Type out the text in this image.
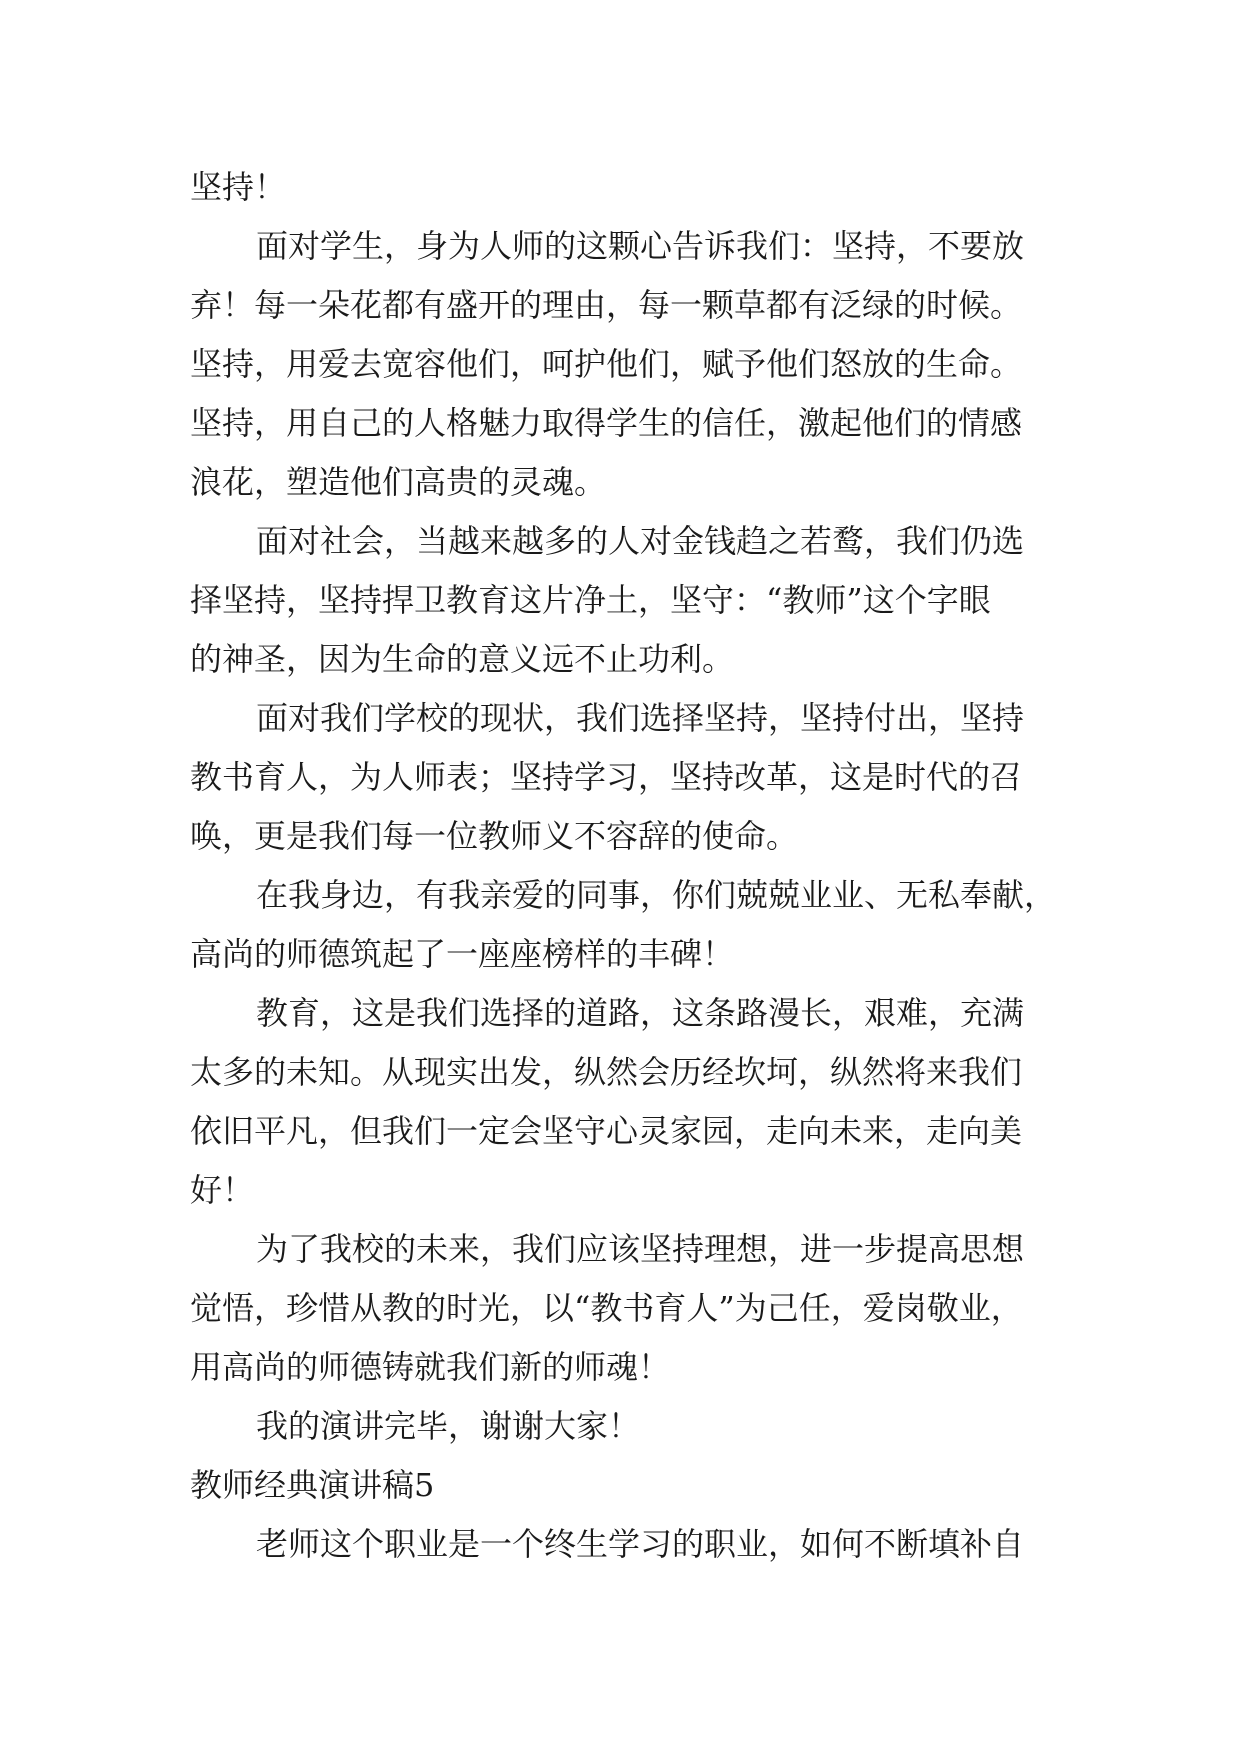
坚持！
面对学生，身为人师的这颗心告诉我们：坚持，不要放
弃！每一朵花都有盛开的理由，每一颗草都有泛绿的时候。
坚持，用爱去宽容他们，呵护他们，赋予他们怒放的生命。
坚持，用自己的人格魅力取得学生的信任，激起他们的情感
浪花，塑造他们高贵的灵魂。
面对社会，当越来越多的人对金钱趋之若鹜，我们仍选
择坚持，坚持捍卫教育这片净土，坚守：“教师”这个字眼
的神圣，因为生命的意义远不止功利。
面对我们学校的现状，我们选择坚持，坚持付出，坚持
教书育人，为人师表；坚持学习，坚持改革，这是时代的召
唤，更是我们每一位教师义不容辞的使命。
在我身边，有我亲爱的同事，你们兢兢业业、无私奉献，
高尚的师德筑起了一座座榜样的丰碑！
教育，这是我们选择的道路，这条路漫长，艰难，充满
太多的未知。从现实出发，纵然会历经坎坷，纵然将来我们
依旧平凡，但我们一定会坚守心灵家园，走向未来，走向美
好！
为了我校的未来，我们应该坚持理想，进一步提高思想
觉悟，珍惜从教的时光，以“教书育人”为己任，爱岗敬业，
用高尚的师德铸就我们新的师魂！
我的演讲完毕，谢谢大家！
教师经典演讲稿5
老师这个职业是一个终生学习的职业，如何不断填补自
